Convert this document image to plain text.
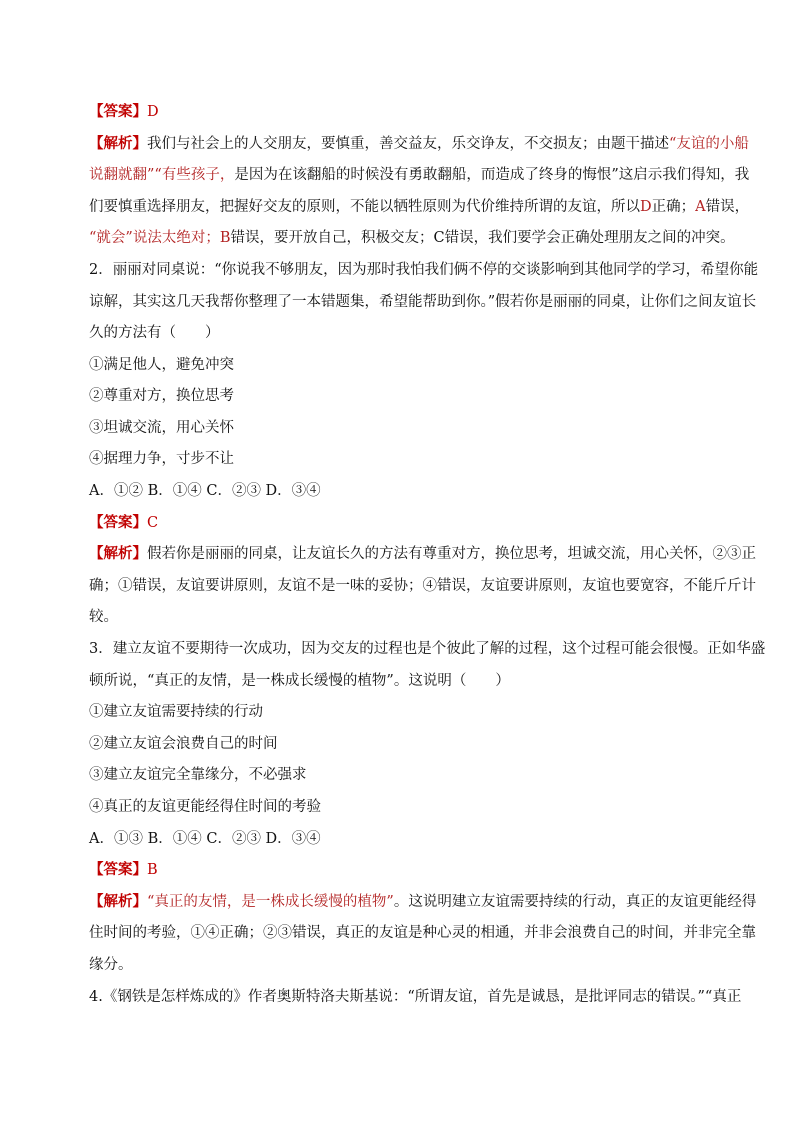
【答案】D
【解析】我们与社会上的人交朋友，要慎重，善交益友，乐交诤友，不交损友；由题干描述“友谊的小船
说翻就翻”“有些孩子，是因为在该翻船的时候没有勇敢翻船，而造成了终身的悔恨”这启示我们得知，我
们要慎重选择朋友，把握好交友的原则，不能以牺牲原则为代价维持所谓的友谊，所以D正确；A错误，
“就会”说法太绝对；B错误，要开放自己，积极交友；C错误，我们要学会正确处理朋友之间的冲突。
2．丽丽对同桌说：“你说我不够朋友，因为那时我怕我们俩不停的交谈影响到其他同学的学习，希望你能
谅解，其实这几天我帮你整理了一本错题集，希望能帮助到你。”假若你是丽丽的同桌，让你们之间友谊长
久的方法有（　　）
①满足他人，避免冲突
②尊重对方，换位思考
③坦诚交流，用心关怀
④据理力争，寸步不让
A．①② B．①④ C．②③ D．③④
【答案】C
【解析】假若你是丽丽的同桌，让友谊长久的方法有尊重对方，换位思考，坦诚交流，用心关怀，②③正
确；①错误，友谊要讲原则，友谊不是一味的妥协；④错误，友谊要讲原则，友谊也要宽容，不能斤斤计
较。
3．建立友谊不要期待一次成功，因为交友的过程也是个彼此了解的过程，这个过程可能会很慢。正如华盛
顿所说，“真正的友情，是一株成长缓慢的植物”。这说明（　　）
①建立友谊需要持续的行动
②建立友谊会浪费自己的时间
③建立友谊完全靠缘分，不必强求
④真正的友谊更能经得住时间的考验
A．①③ B．①④ C．②③ D．③④
【答案】B
【解析】“真正的友情，是一株成长缓慢的植物”。这说明建立友谊需要持续的行动，真正的友谊更能经得
住时间的考验，①④正确；②③错误，真正的友谊是种心灵的相通，并非会浪费自己的时间，并非完全靠
缘分。
4.《钢铁是怎样炼成的》作者奥斯特洛夫斯基说：“所谓友谊，首先是诚恳，是批评同志的错误。”“真正
